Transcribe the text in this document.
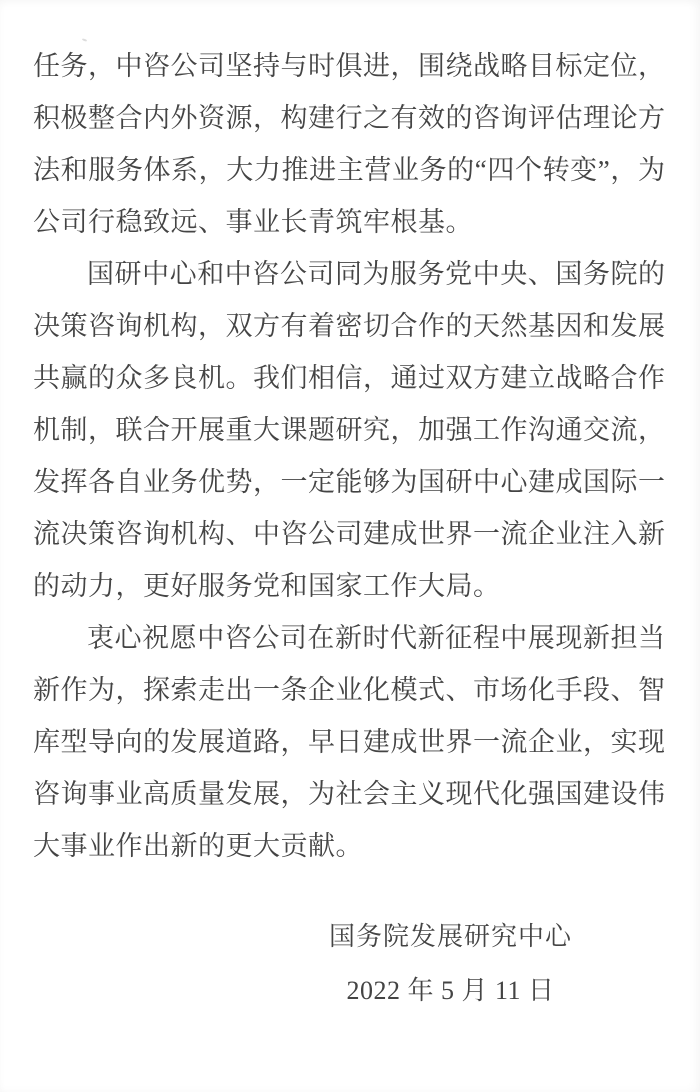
任务，中咨公司坚持与时俱进，围绕战略目标定位，
积极整合内外资源，构建行之有效的咨询评估理论方
法和服务体系，大力推进主营业务的“四个转变”，为
公司行稳致远、事业长青筑牢根基。
国研中心和中咨公司同为服务党中央、国务院的
决策咨询机构，双方有着密切合作的天然基因和发展
共赢的众多良机。我们相信，通过双方建立战略合作
机制，联合开展重大课题研究，加强工作沟通交流，
发挥各自业务优势，一定能够为国研中心建成国际一
流决策咨询机构、中咨公司建成世界一流企业注入新
的动力，更好服务党和国家工作大局。
衷心祝愿中咨公司在新时代新征程中展现新担当
新作为，探索走出一条企业化模式、市场化手段、智
库型导向的发展道路，早日建成世界一流企业，实现
咨询事业高质量发展，为社会主义现代化强国建设伟
大事业作出新的更大贡献。
国务院发展研究中心
2022 年 5 月 11 日
